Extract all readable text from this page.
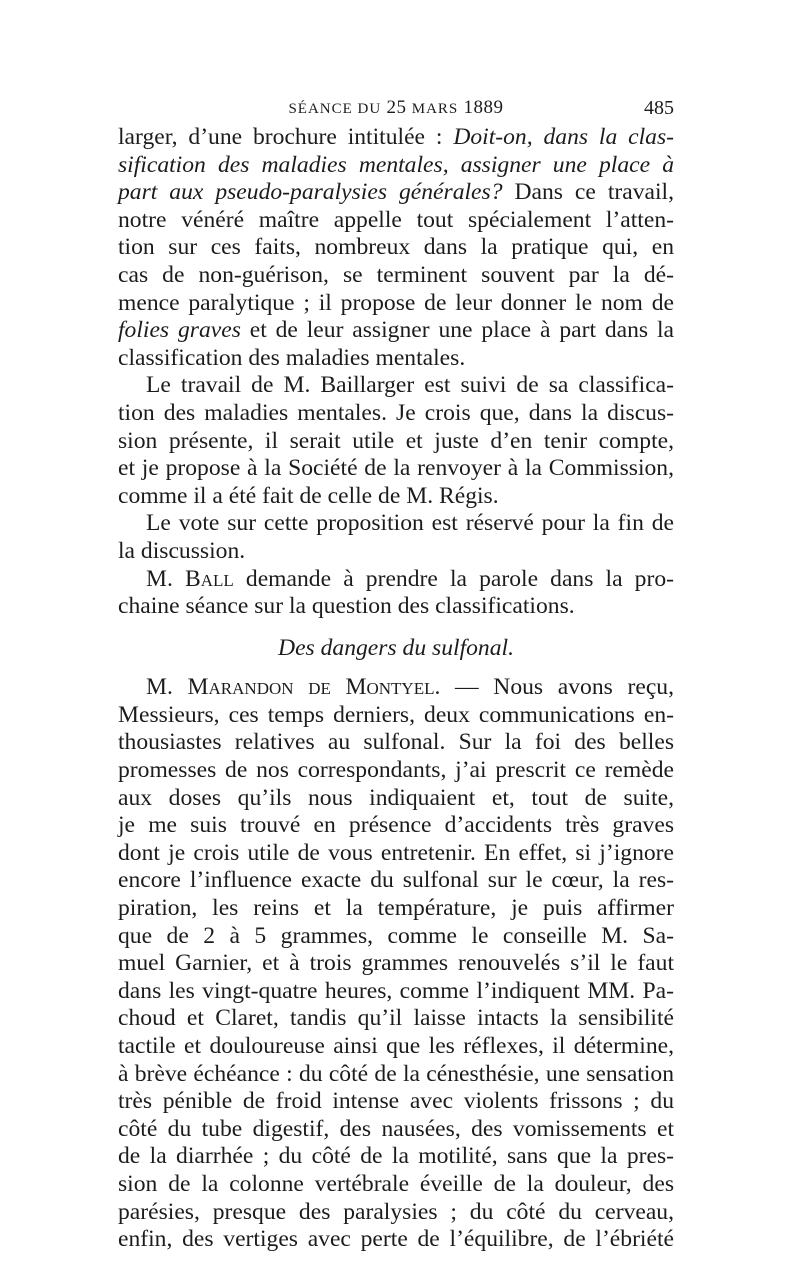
SÉANCE DU 25 MARS 1889	485
larger, d’une brochure intitulée : Doit-on, dans la clas-
sification des maladies mentales, assigner une place à
part aux pseudo-paralysies générales? Dans ce travail,
notre vénéré maître appelle tout spécialement l’atten-
tion sur ces faits, nombreux dans la pratique qui, en
cas de non-guérison, se terminent souvent par la dé-
mence paralytique ; il propose de leur donner le nom de
folies graves et de leur assigner une place à part dans la
classification des maladies mentales.
Le travail de M. Baillarger est suivi de sa classifica-
tion des maladies mentales. Je crois que, dans la discus-
sion présente, il serait utile et juste d’en tenir compte,
et je propose à la Société de la renvoyer à la Commission,
comme il a été fait de celle de M. Régis.
Le vote sur cette proposition est réservé pour la fin de
la discussion.
M. Ball demande à prendre la parole dans la pro-
chaine séance sur la question des classifications.
Des dangers du sulfonal.
M. Marandon de Montyel. — Nous avons reçu,
Messieurs, ces temps derniers, deux communications en-
thousiastes relatives au sulfonal. Sur la foi des belles
promesses de nos correspondants, j’ai prescrit ce remède
aux doses qu’ils nous indiquaient et, tout de suite,
je me suis trouvé en présence d’accidents très graves
dont je crois utile de vous entretenir. En effet, si j’ignore
encore l’influence exacte du sulfonal sur le cœur, la res-
piration, les reins et la température, je puis affirmer
que de 2 à 5 grammes, comme le conseille M. Sa-
muel Garnier, et à trois grammes renouvelés s’il le faut
dans les vingt-quatre heures, comme l’indiquent MM. Pa-
choud et Claret, tandis qu’il laisse intacts la sensibilité
tactile et douloureuse ainsi que les réflexes, il détermine,
à brève échéance : du côté de la cénesthésie, une sensation
très pénible de froid intense avec violents frissons ; du
côté du tube digestif, des nausées, des vomissements et
de la diarrhée ; du côté de la motilité, sans que la pres-
sion de la colonne vertébrale éveille de la douleur, des
parésies, presque des paralysies ; du côté du cerveau,
enfin, des vertiges avec perte de l’équilibre, de l’ébriété
